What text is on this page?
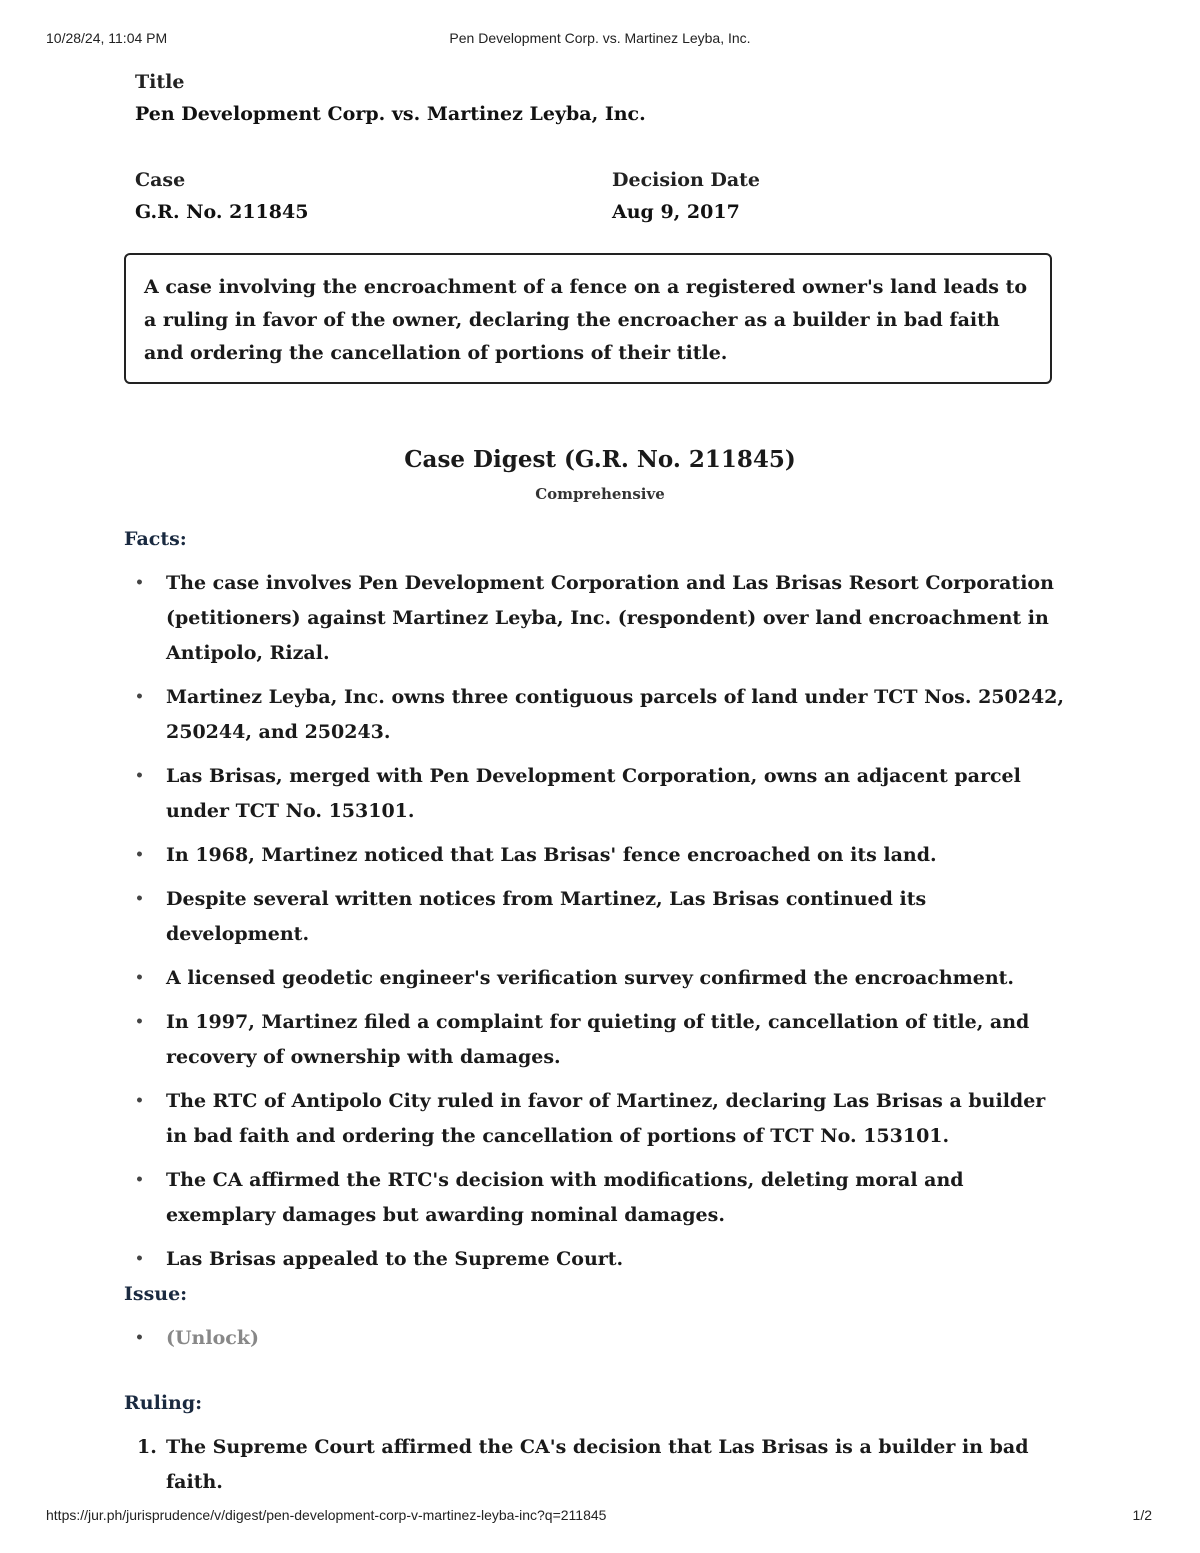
10/28/24, 11:04 PM	Pen Development Corp. vs. Martinez Leyba, Inc.
Title
Pen Development Corp. vs. Martinez Leyba, Inc.
Case
G.R. No. 211845
Decision Date
Aug 9, 2017
A case involving the encroachment of a fence on a registered owner's land leads to a ruling in favor of the owner, declaring the encroacher as a builder in bad faith and ordering the cancellation of portions of their title.
Case Digest (G.R. No. 211845)
Comprehensive
Facts:
• The case involves Pen Development Corporation and Las Brisas Resort Corporation (petitioners) against Martinez Leyba, Inc. (respondent) over land encroachment in Antipolo, Rizal.
• Martinez Leyba, Inc. owns three contiguous parcels of land under TCT Nos. 250242, 250244, and 250243.
• Las Brisas, merged with Pen Development Corporation, owns an adjacent parcel under TCT No. 153101.
• In 1968, Martinez noticed that Las Brisas' fence encroached on its land.
• Despite several written notices from Martinez, Las Brisas continued its development.
• A licensed geodetic engineer's verification survey confirmed the encroachment.
• In 1997, Martinez filed a complaint for quieting of title, cancellation of title, and recovery of ownership with damages.
• The RTC of Antipolo City ruled in favor of Martinez, declaring Las Brisas a builder in bad faith and ordering the cancellation of portions of TCT No. 153101.
• The CA affirmed the RTC's decision with modifications, deleting moral and exemplary damages but awarding nominal damages.
• Las Brisas appealed to the Supreme Court.
Issue:
• (Unlock)
Ruling:
1. The Supreme Court affirmed the CA's decision that Las Brisas is a builder in bad faith.
https://jur.ph/jurisprudence/v/digest/pen-development-corp-v-martinez-leyba-inc?q=211845	1/2
